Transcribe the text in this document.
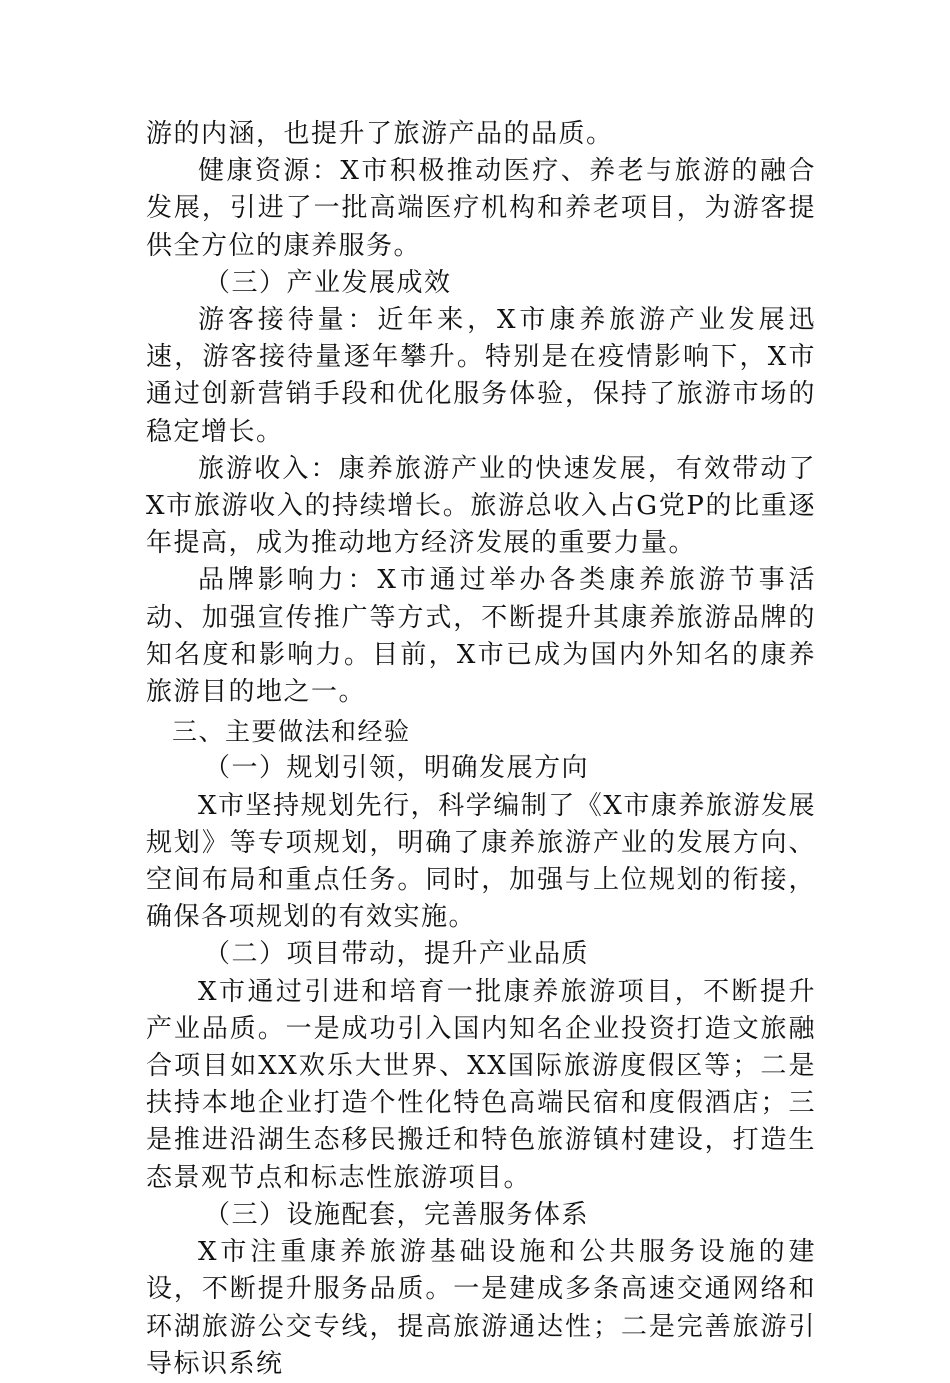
游的内涵，也提升了旅游产品的品质。

健康资源：X市积极推动医疗、养老与旅游的融合发展，引进了一批高端医疗机构和养老项目，为游客提供全方位的康养服务。

（三）产业发展成效

游客接待量：近年来，X市康养旅游产业发展迅速，游客接待量逐年攀升。特别是在疫情影响下，X市通过创新营销手段和优化服务体验，保持了旅游市场的稳定增长。

旅游收入：康养旅游产业的快速发展，有效带动了X市旅游收入的持续增长。旅游总收入占G党P的比重逐年提高，成为推动地方经济发展的重要力量。

品牌影响力：X市通过举办各类康养旅游节事活动、加强宣传推广等方式，不断提升其康养旅游品牌的知名度和影响力。目前，X市已成为国内外知名的康养旅游目的地之一。

三、主要做法和经验

（一）规划引领，明确发展方向

X市坚持规划先行，科学编制了《X市康养旅游发展规划》等专项规划，明确了康养旅游产业的发展方向、空间布局和重点任务。同时，加强与上位规划的衔接，确保各项规划的有效实施。

（二）项目带动，提升产业品质

X市通过引进和培育一批康养旅游项目，不断提升产业品质。一是成功引入国内知名企业投资打造文旅融合项目如XX欢乐大世界、XX国际旅游度假区等；二是扶持本地企业打造个性化特色高端民宿和度假酒店；三是推进沿湖生态移民搬迁和特色旅游镇村建设，打造生态景观节点和标志性旅游项目。

（三）设施配套，完善服务体系

X市注重康养旅游基础设施和公共服务设施的建设，不断提升服务品质。一是建成多条高速交通网络和环湖旅游公交专线，提高旅游通达性；二是完善旅游引导标识系统
